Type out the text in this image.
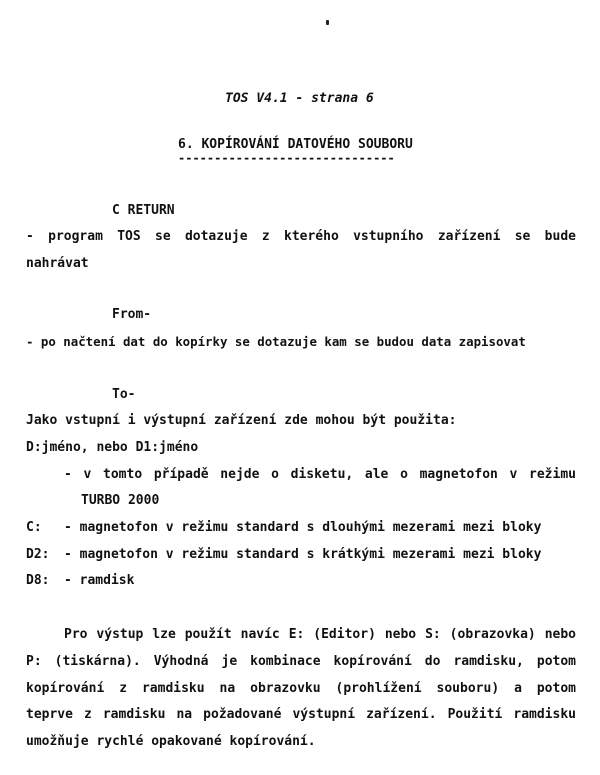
TOS V4.1 - strana 6
6. KOPÍROVÁNÍ DATOVÉHO SOUBORU
------------------------------
C RETURN
- program TOS se dotazuje z kterého vstupního zařízení se bude
nahrávat
From-
- po načtení dat do kopírky se dotazuje kam se budou data zapisovat
To-
Jako vstupní i výstupní zařízení zde mohou být použita:
D:jméno, nebo D1:jméno
- v tomto případě nejde o disketu, ale o magnetofon v režimu
TURBO 2000
C: - magnetofon v režimu standard s dlouhými mezerami mezi bloky
D2: - magnetofon v režimu standard s krátkými mezerami mezi bloky
D8: - ramdisk
Pro výstup lze použít navíc E: (Editor) nebo S: (obrazovka) nebo
P: (tiskárna). Výhodná je kombinace kopírování do ramdisku, potom
kopírování z ramdisku na obrazovku (prohlížení souboru) a potom
teprve z ramdisku na požadované výstupní zařízení. Použití ramdisku
umožňuje rychlé opakované kopírování.
